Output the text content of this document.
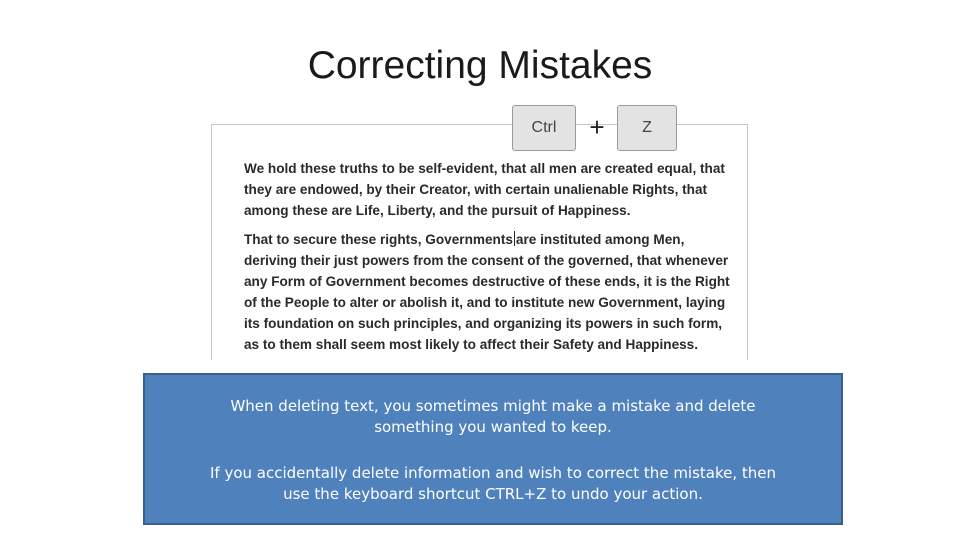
Correcting Mistakes

We hold these truths to be self-evident, that all men are created equal, that they are endowed, by their Creator, with certain unalienable Rights, that among these are Life, Liberty, and the pursuit of Happiness.

That to secure these rights, Governments are instituted among Men, deriving their just powers from the consent of the governed, that whenever any Form of Government becomes destructive of these ends, it is the Right of the People to alter or abolish it, and to institute new Government, laying its foundation on such principles, and organizing its powers in such form, as to them shall seem most likely to affect their Safety and Happiness.

Ctrl	+	Z
When deleting text, you sometimes might make a mistake and delete something you wanted to keep.
If you accidentally delete information and wish to correct the mistake, then use the keyboard shortcut CTRL+Z to undo your action.
